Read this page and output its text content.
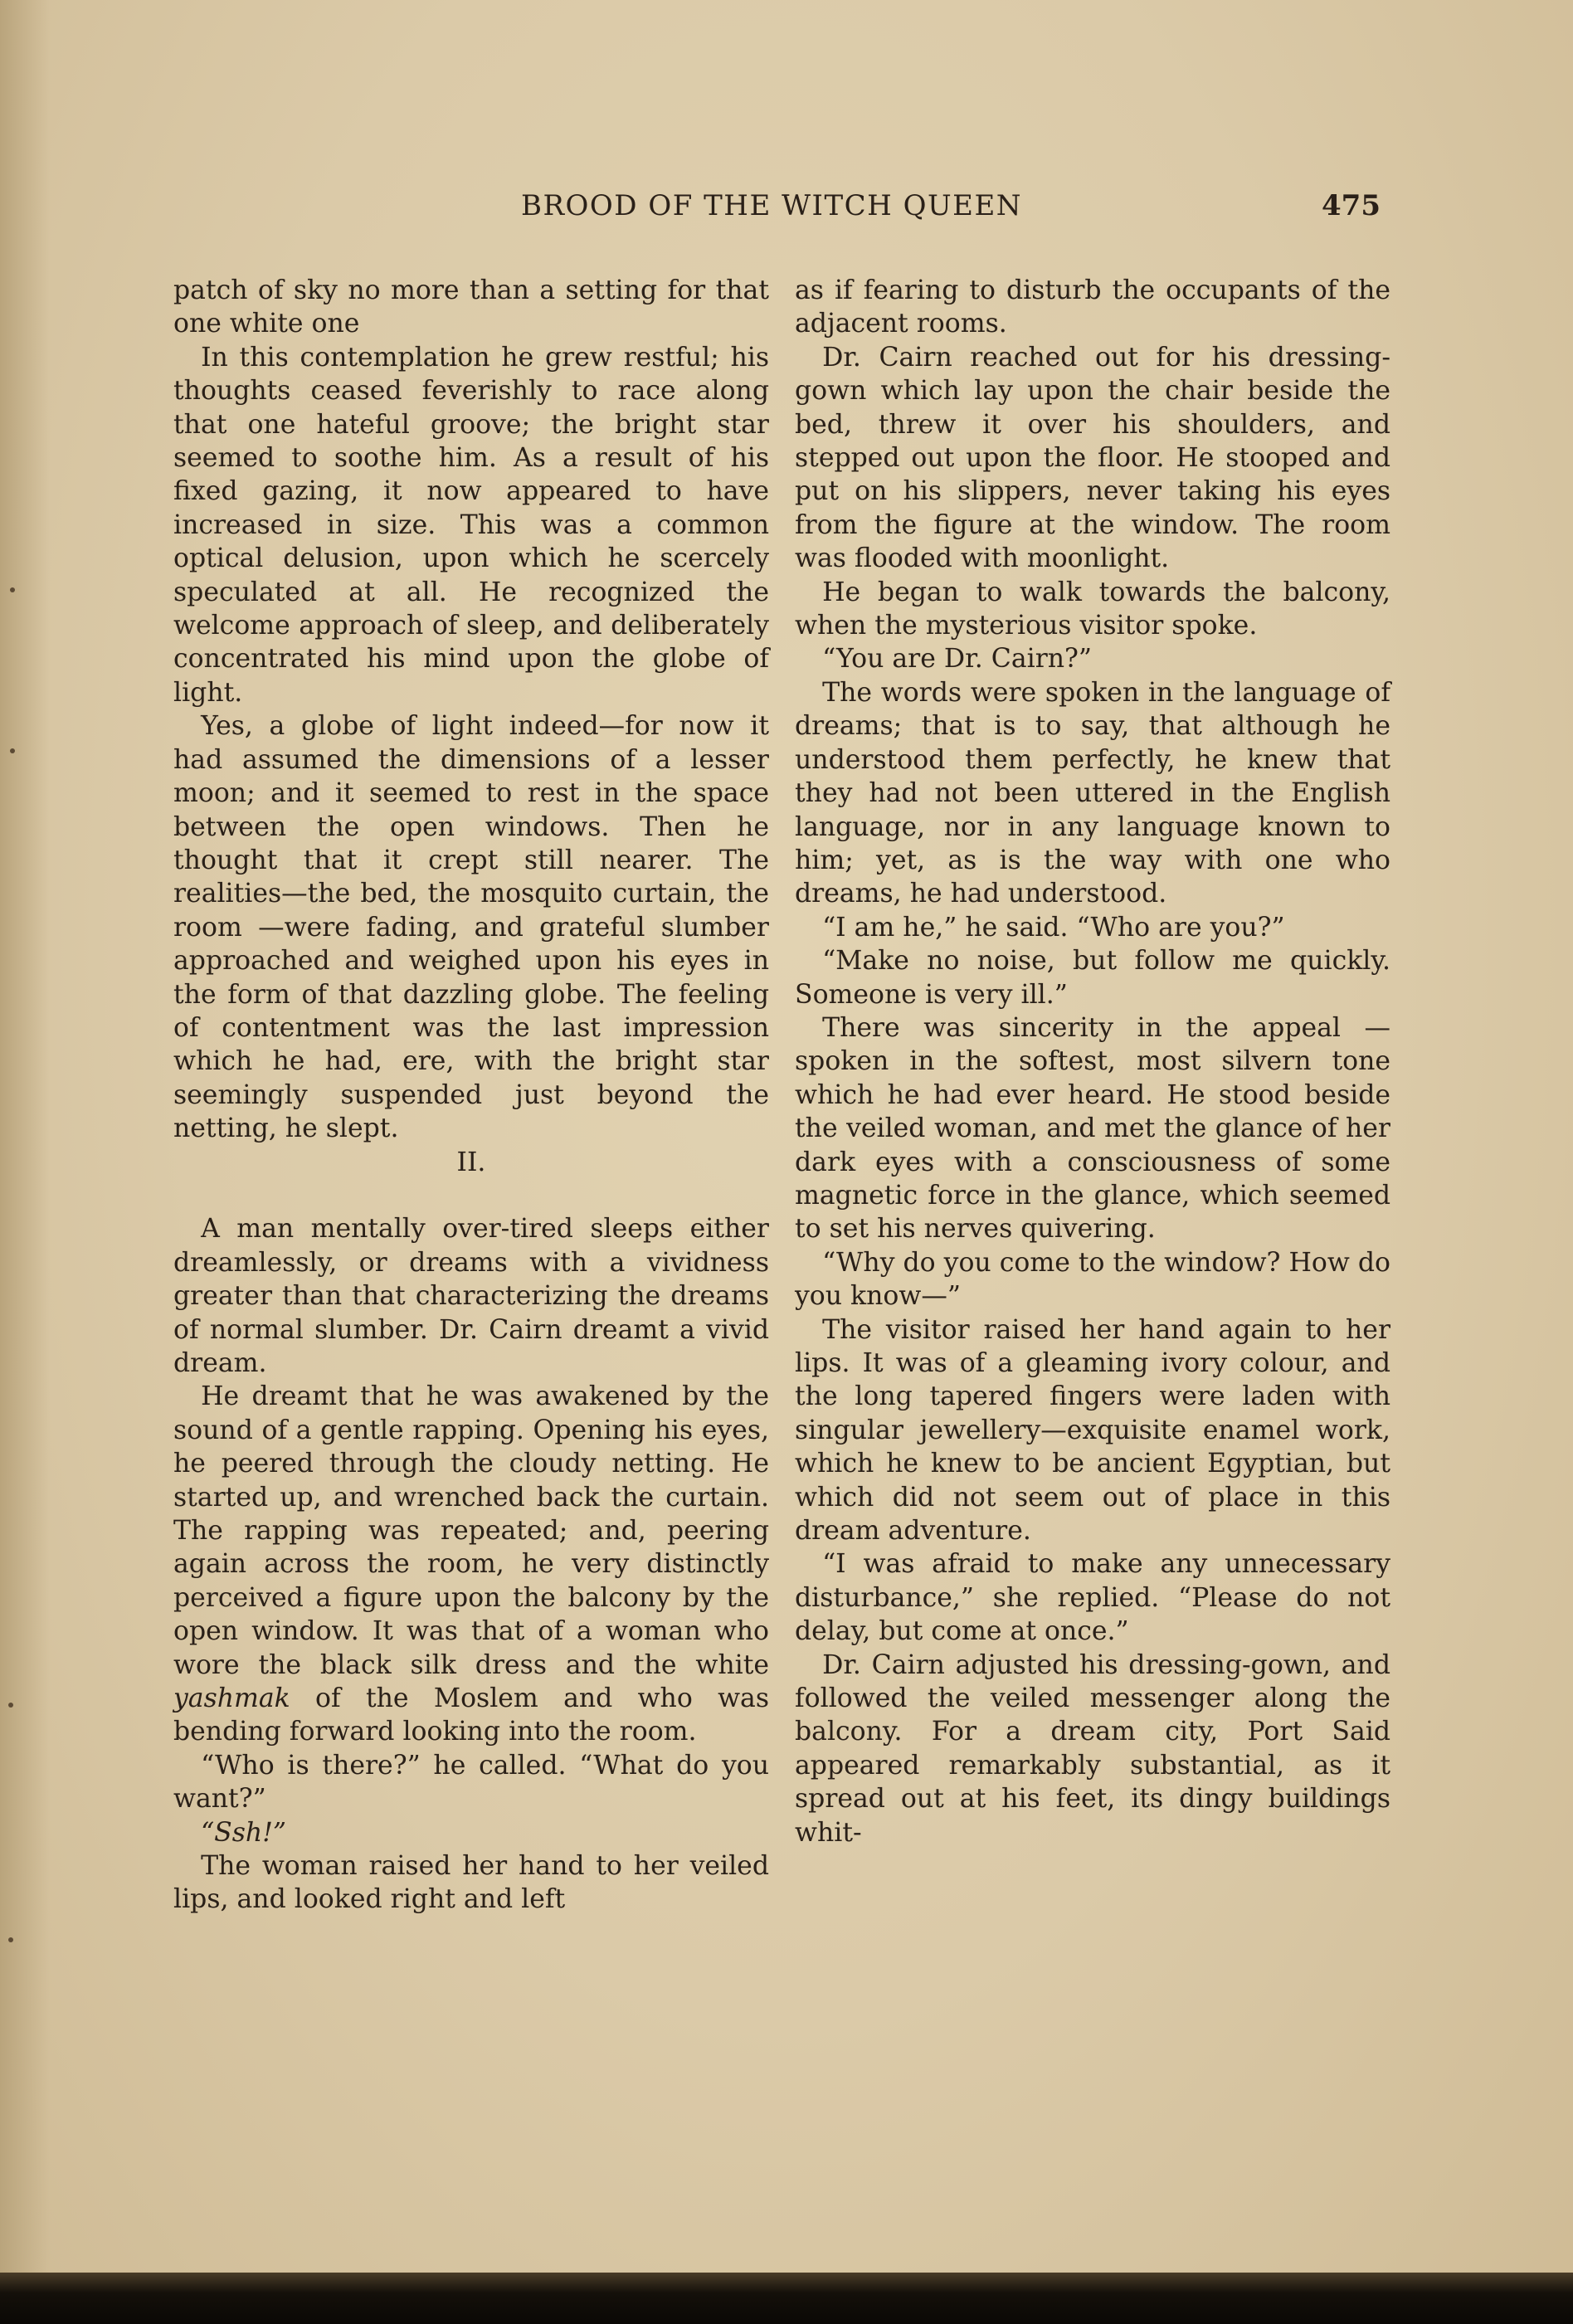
BROOD OF THE WITCH QUEEN	475

patch of sky no more than a setting for that one white one

In this contemplation he grew restful; his thoughts ceased feverishly to race along that one hateful groove; the bright star seemed to soothe him. As a result of his fixed gazing, it now appeared to have increased in size. This was a common optical delusion, upon which he scercely speculated at all. He recognized the welcome approach of sleep, and deliberately concentrated his mind upon the globe of light.

Yes, a globe of light indeed—for now it had assumed the dimensions of a lesser moon; and it seemed to rest in the space between the open windows. Then he thought that it crept still nearer. The realities—the bed, the mosquito curtain, the room —were fading, and grateful slumber approached and weighed upon his eyes in the form of that dazzling globe. The feeling of contentment was the last impression which he had, ere, with the bright star seemingly suspended just beyond the netting, he slept.

II.

A man mentally over-tired sleeps either dreamlessly, or dreams with a vividness greater than that characterizing the dreams of normal slumber. Dr. Cairn dreamt a vivid dream.

He dreamt that he was awakened by the sound of a gentle rapping. Opening his eyes, he peered through the cloudy netting. He started up, and wrenched back the curtain. The rapping was repeated; and, peering again across the room, he very distinctly perceived a figure upon the balcony by the open window. It was that of a woman who wore the black silk dress and the white yashmak of the Moslem and who was bending forward looking into the room.

“Who is there?” he called. “What do you want?”

“Ssh!”

The woman raised her hand to her veiled lips, and looked right and left

as if fearing to disturb the occupants of the adjacent rooms.

Dr. Cairn reached out for his dressing-gown which lay upon the chair beside the bed, threw it over his shoulders, and stepped out upon the floor. He stooped and put on his slippers, never taking his eyes from the figure at the window. The room was flooded with moonlight.

He began to walk towards the balcony, when the mysterious visitor spoke.

“You are Dr. Cairn?”

The words were spoken in the language of dreams; that is to say, that although he understood them perfectly, he knew that they had not been uttered in the English language, nor in any language known to him; yet, as is the way with one who dreams, he had understood.

“I am he,” he said. “Who are you?”

“Make no noise, but follow me quickly. Someone is very ill.”

There was sincerity in the appeal —spoken in the softest, most silvern tone which he had ever heard. He stood beside the veiled woman, and met the glance of her dark eyes with a consciousness of some magnetic force in the glance, which seemed to set his nerves quivering.

“Why do you come to the window? How do you know—”

The visitor raised her hand again to her lips. It was of a gleaming ivory colour, and the long tapered fingers were laden with singular jewellery—exquisite enamel work, which he knew to be ancient Egyptian, but which did not seem out of place in this dream adventure.

“I was afraid to make any unnecessary disturbance,” she replied. “Please do not delay, but come at once.”

Dr. Cairn adjusted his dressing-gown, and followed the veiled messenger along the balcony. For a dream city, Port Said appeared remarkably substantial, as it spread out at his feet, its dingy buildings whit-
